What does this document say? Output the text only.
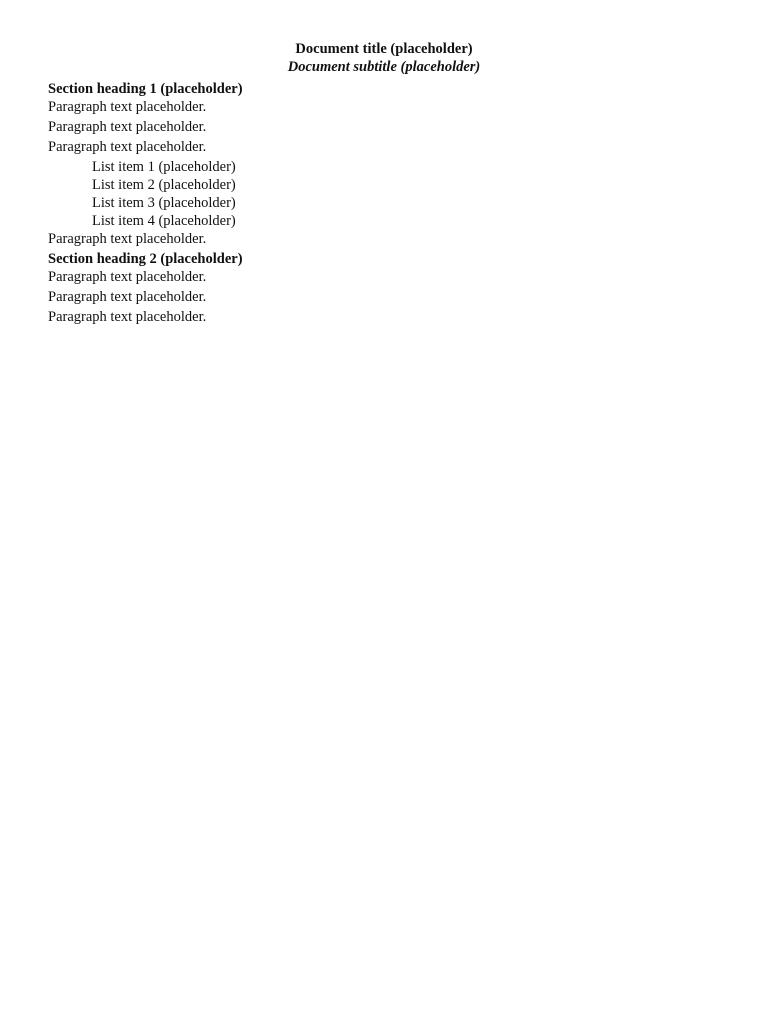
Document title (placeholder)

Document subtitle (placeholder)

Section heading 1 (placeholder)

Paragraph text placeholder.

Paragraph text placeholder.

Paragraph text placeholder.

List item 1 (placeholder)
List item 2 (placeholder)
List item 3 (placeholder)
List item 4 (placeholder)

Paragraph text placeholder.

Section heading 2 (placeholder)

Paragraph text placeholder.

Paragraph text placeholder.

Paragraph text placeholder.
